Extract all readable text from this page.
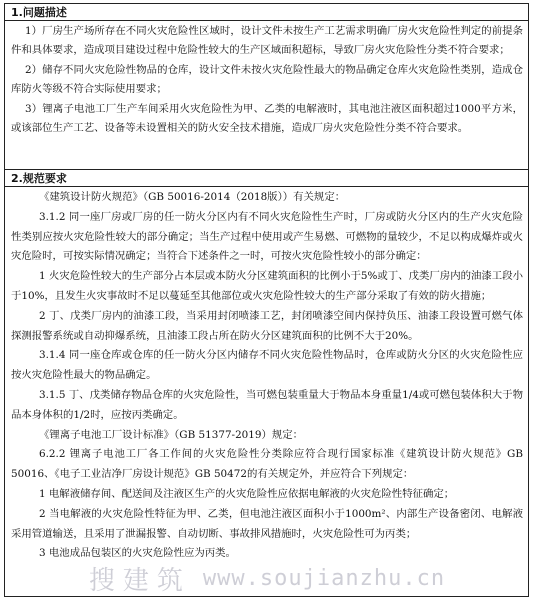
1.问题描述

1）厂房生产场所存在不同火灾危险性区域时，设计文件未按生产工艺需求明确厂房火灾危险性判定的前提条件和具体要求，造成项目建设过程中危险性较大的生产区域面积超标，导致厂房火灾危险性分类不符合要求；

2）储存不同火灾危险性物品的仓库，设计文件未按火灾危险性最大的物品确定仓库火灾危险性类别，造成仓库防火等级不符合实际使用要求；

3）锂离子电池工厂生产车间采用火灾危险性为甲、乙类的电解液时，其电池注液区面积超过1000平方米，或该部位生产工艺、设备等未设置相关的防火安全技术措施，造成厂房火灾危险性分类不符合要求。

2.规范要求

《建筑设计防火规范》（GB 50016-2014（2018版））有关规定：

3.1.2 同一座厂房或厂房的任一防火分区内有不同火灾危险性生产时，厂房或防火分区内的生产火灾危险性类别应按火灾危险性较大的部分确定；当生产过程中使用或产生易燃、可燃物的量较少，不足以构成爆炸或火灾危险时，可按实际情况确定；当符合下述条件之一时，可按火灾危险性较小的部分确定：

1 火灾危险性较大的生产部分占本层或本防火分区建筑面积的比例小于5%或丁、戊类厂房内的油漆工段小于10%，且发生火灾事故时不足以蔓延至其他部位或火灾危险性较大的生产部分采取了有效的防火措施；

2 丁、戊类厂房内的油漆工段，当采用封闭喷漆工艺，封闭喷漆空间内保持负压、油漆工段设置可燃气体探测报警系统或自动抑爆系统，且油漆工段占所在防火分区建筑面积的比例不大于20%。

3.1.4 同一座仓库或仓库的任一防火分区内储存不同火灾危险性物品时，仓库或防火分区的火灾危险性应按火灾危险性最大的物品确定。

3.1.5 丁、戊类储存物品仓库的火灾危险性，当可燃包装重量大于物品本身重量1/4或可燃包装体积大于物品本身体积的1/2时，应按丙类确定。

《锂离子电池工厂设计标准》（GB 51377-2019）规定：

6.2.2 锂离子电池工厂各工作间的火灾危险性分类除应符合现行国家标准《建筑设计防火规范》GB 50016、《电子工业洁净厂房设计规范》GB 50472的有关规定外，并应符合下列规定：

1 电解液储存间、配送间及注液区生产的火灾危险性应依据电解液的火灾危险性特征确定；

2 当电解液的火灾危险性特征为甲、乙类，但电池注液区面积小于1000m²、内部生产设备密闭、电解液采用管道输送，且采用了泄漏报警、自动切断、事故排风措施时，火灾危险性可为丙类；

3 电池成品包装区的火灾危险性应为丙类。

搜建筑 www.soujianzhu.cn
